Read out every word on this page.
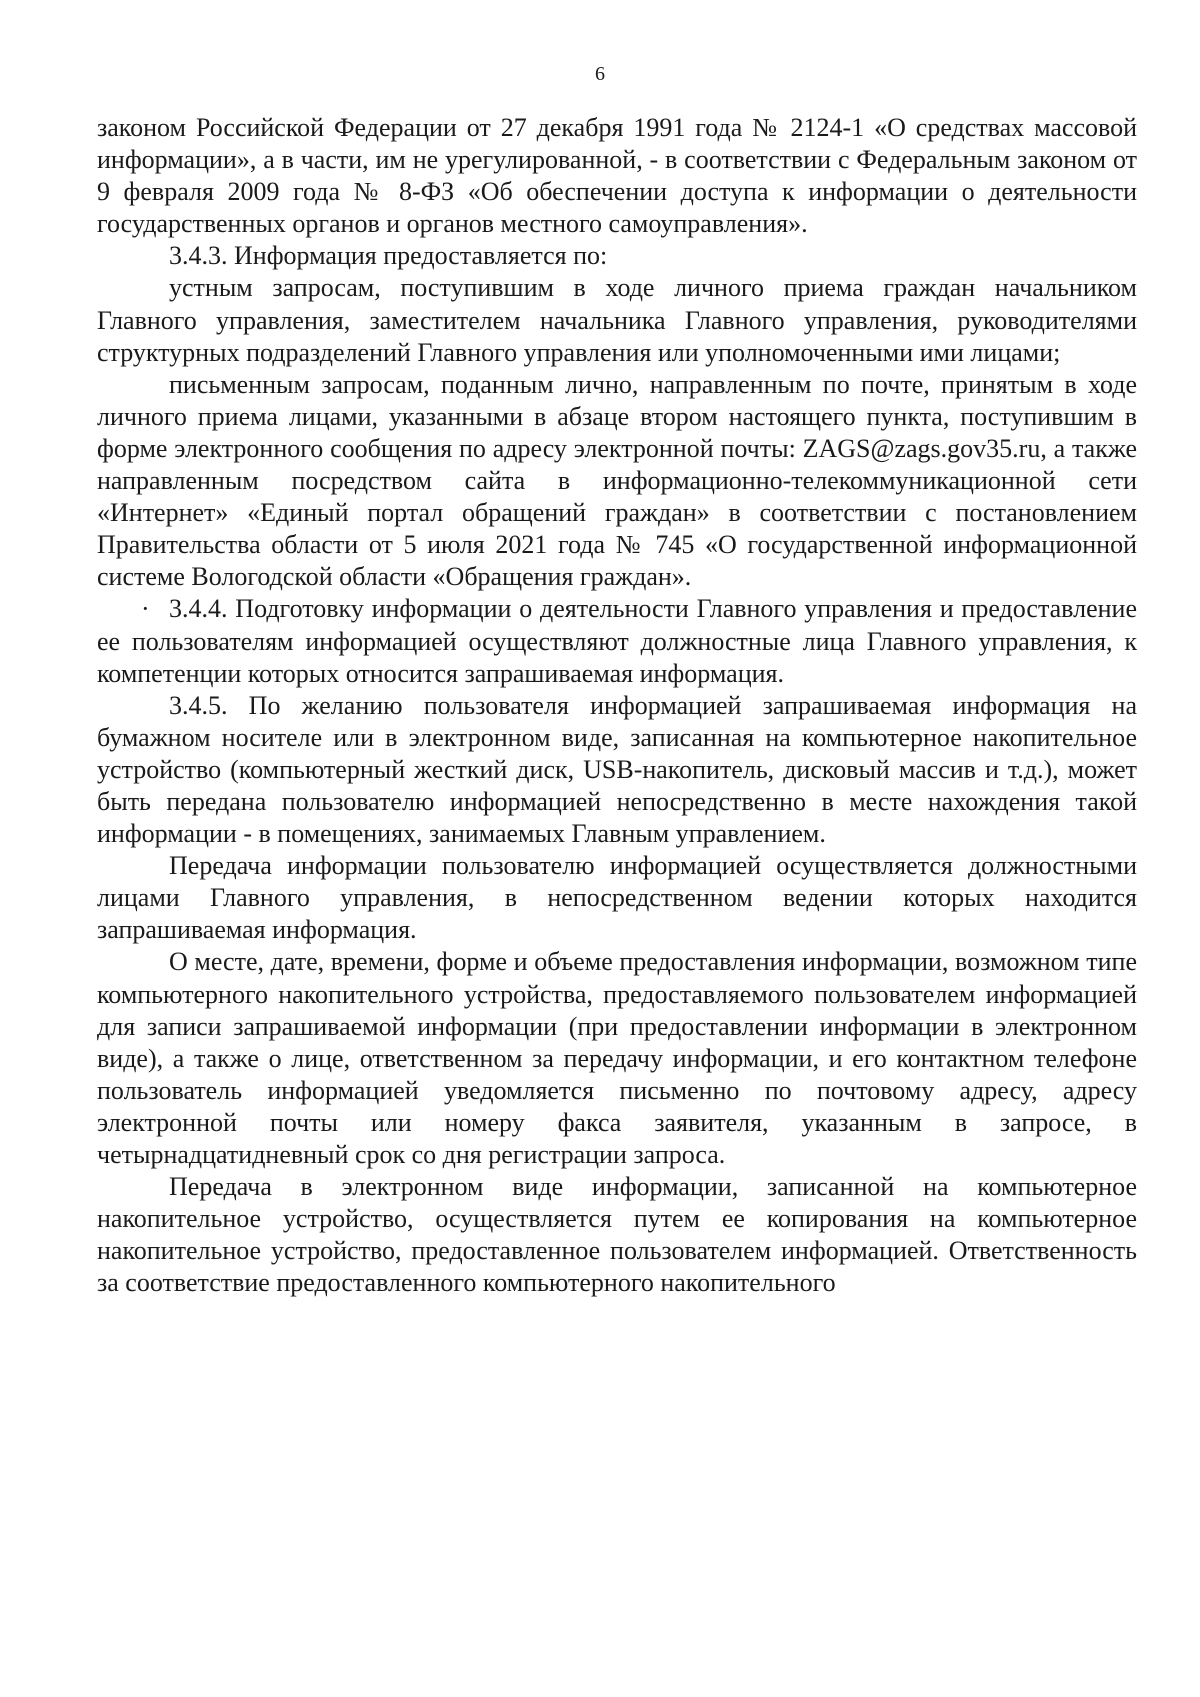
6

законом Российской Федерации от 27 декабря 1991 года № 2124-1 «О средствах массовой информации», а в части, им не урегулированной, - в соответствии с Федеральным законом от 9 февраля 2009 года № 8-ФЗ «Об обеспечении доступа к информации о деятельности государственных органов и органов местного самоуправления».

3.4.3. Информация предоставляется по:

устным запросам, поступившим в ходе личного приема граждан начальником Главного управления, заместителем начальника Главного управления, руководителями структурных подразделений Главного управления или уполномоченными ими лицами;

письменным запросам, поданным лично, направленным по почте, принятым в ходе личного приема лицами, указанными в абзаце втором настоящего пункта, поступившим в форме электронного сообщения по адресу электронной почты: ZAGS@zags.gov35.ru, а также направленным посредством сайта в информационно-телекоммуникационной сети «Интернет» «Единый портал обращений граждан» в соответствии с постановлением Правительства области от 5 июля 2021 года № 745 «О государственной информационной системе Вологодской области «Обращения граждан».

· 3.4.4. Подготовку информации о деятельности Главного управления и предоставление ее пользователям информацией осуществляют должностные лица Главного управления, к компетенции которых относится запрашиваемая информация.

3.4.5. По желанию пользователя информацией запрашиваемая информация на бумажном носителе или в электронном виде, записанная на компьютерное накопительное устройство (компьютерный жесткий диск, USB-накопитель, дисковый массив и т.д.), может быть передана пользователю информацией непосредственно в месте нахождения такой информации - в помещениях, занимаемых Главным управлением.

Передача информации пользователю информацией осуществляется должностными лицами Главного управления, в непосредственном ведении которых находится запрашиваемая информация.

О месте, дате, времени, форме и объеме предоставления информации, возможном типе компьютерного накопительного устройства, предоставляемого пользователем информацией для записи запрашиваемой информации (при предоставлении информации в электронном виде), а также о лице, ответственном за передачу информации, и его контактном телефоне пользователь информацией уведомляется письменно по почтовому адресу, адресу электронной почты или номеру факса заявителя, указанным в запросе, в четырнадцатидневный срок со дня регистрации запроса.

Передача в электронном виде информации, записанной на компьютерное накопительное устройство, осуществляется путем ее копирования на компьютерное накопительное устройство, предоставленное пользователем информацией. Ответственность за соответствие предоставленного компьютерного накопительного
